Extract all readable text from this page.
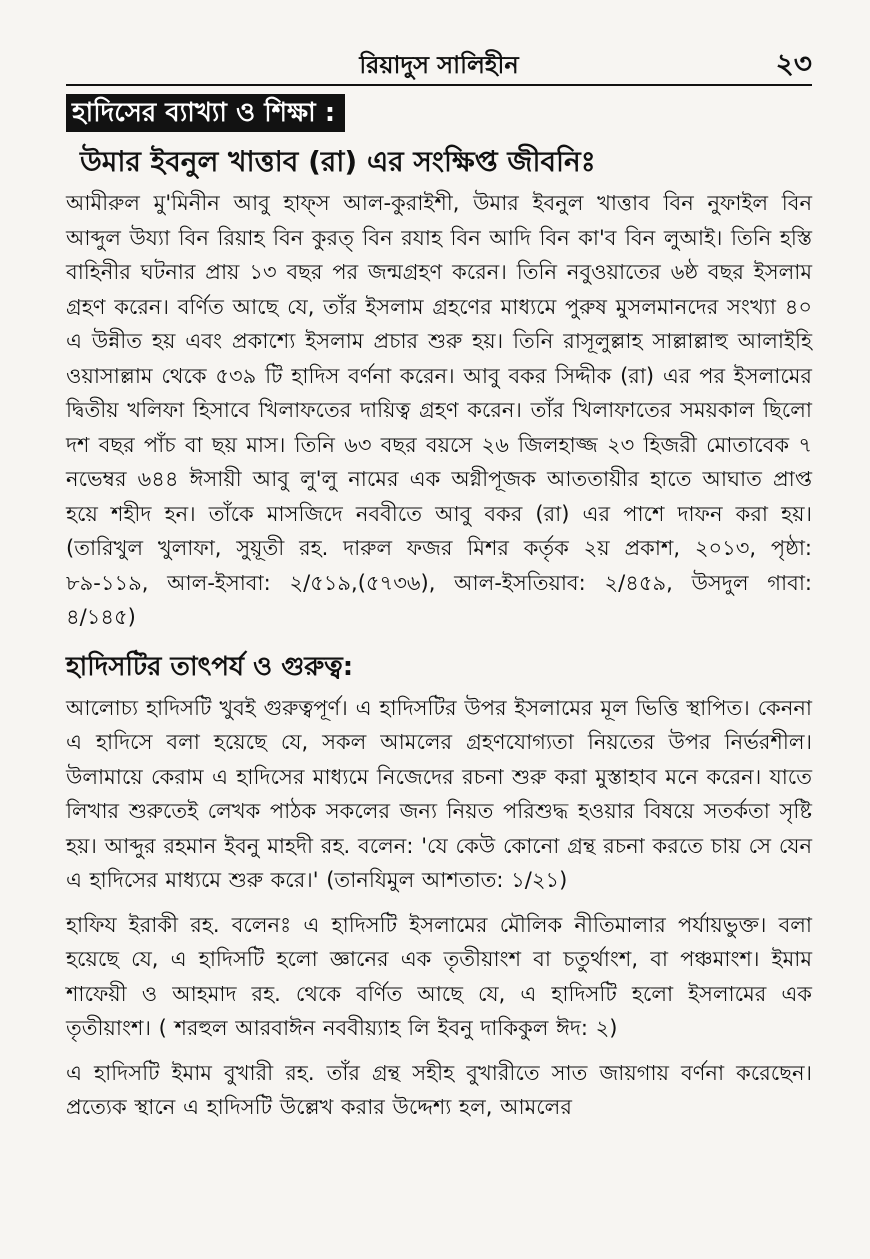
রিয়াদুস সালিহীন	২৩
হাদিসের ব্যাখ্যা ও শিক্ষা :
উমার ইবনুল খাত্তাব (রা) এর সংক্ষিপ্ত জীবনিঃ

আমীরুল মু'মিনীন আবু হাফ্স আল-কুরাইশী, উমার ইবনুল খাত্তাব বিন নুফাইল বিন আব্দুল উয্যা বিন রিয়াহ বিন কুরত্ বিন রযাহ বিন আদি বিন কা'ব বিন লুআই। তিনি হস্তি বাহিনীর ঘটনার প্রায় ১৩ বছর পর জন্মগ্রহণ করেন। তিনি নবুওয়াতের ৬ষ্ঠ বছর ইসলাম গ্রহণ করেন। বর্ণিত আছে যে, তাঁর ইসলাম গ্রহণের মাধ্যমে পুরুষ মুসলমানদের সংখ্যা ৪০ এ উন্নীত হয় এবং প্রকাশ্যে ইসলাম প্রচার শুরু হয়। তিনি রাসূলুল্লাহ সাল্লাল্লাহু আলাইহি ওয়াসাল্লাম থেকে ৫৩৯ টি হাদিস বর্ণনা করেন। আবু বকর সিদ্দীক (রা) এর পর ইসলামের দ্বিতীয় খলিফা হিসাবে খিলাফতের দায়িত্ব গ্রহণ করেন। তাঁর খিলাফাতের সময়কাল ছিলো দশ বছর পাঁচ বা ছয় মাস। তিনি ৬৩ বছর বয়সে ২৬ জিলহাজ্জ ২৩ হিজরী মোতাবেক ৭ নভেম্বর ৬৪৪ ঈসায়ী আবু লু'লু নামের এক অগ্নীপূজক আততায়ীর হাতে আঘাত প্রাপ্ত হয়ে শহীদ হন। তাঁকে মাসজিদে নববীতে আবু বকর (রা) এর পাশে দাফন করা হয়। (তারিখুল খুলাফা, সুয়ূতী রহ. দারুল ফজর মিশর কর্তৃক ২য় প্রকাশ, ২০১৩, পৃষ্ঠা: ৮৯-১১৯, আল-ইসাবা: ২/৫১৯,(৫৭৩৬), আল-ইসতিয়াব: ২/৪৫৯, উসদুল গাবা: ৪/১৪৫)

হাদিসটির তাৎপর্য ও গুরুত্ব:

আলোচ্য হাদিসটি খুবই গুরুত্বপূর্ণ। এ হাদিসটির উপর ইসলামের মূল ভিত্তি স্থাপিত। কেননা এ হাদিসে বলা হয়েছে যে, সকল আমলের গ্রহণযোগ্যতা নিয়তের উপর নির্ভরশীল। উলামায়ে কেরাম এ হাদিসের মাধ্যমে নিজেদের রচনা শুরু করা মুস্তাহাব মনে করেন। যাতে লিখার শুরুতেই লেখক পাঠক সকলের জন্য নিয়ত পরিশুদ্ধ হওয়ার বিষয়ে সতর্কতা সৃষ্টি হয়। আব্দুর রহমান ইবনু মাহদী রহ. বলেন: 'যে কেউ কোনো গ্রন্থ রচনা করতে চায় সে যেন এ হাদিসের মাধ্যমে শুরু করে।' (তানযিমুল আশতাত: ১/২১)

হাফিয ইরাকী রহ. বলেনঃ এ হাদিসটি ইসলামের মৌলিক নীতিমালার পর্যায়ভুক্ত। বলা হয়েছে যে, এ হাদিসটি হলো জ্ঞানের এক তৃতীয়াংশ বা চতুর্থাংশ, বা পঞ্চমাংশ। ইমাম শাফেয়ী ও আহমাদ রহ. থেকে বর্ণিত আছে যে, এ হাদিসটি হলো ইসলামের এক তৃতীয়াংশ। ( শরহুল আরবাঈন নববীয়্যাহ লি ইবনু দাকিকুল ঈদ: ২)

এ হাদিসটি ইমাম বুখারী রহ. তাঁর গ্রন্থ সহীহ বুখারীতে সাত জায়গায় বর্ণনা করেছেন। প্রত্যেক স্থানে এ হাদিসটি উল্লেখ করার উদ্দেশ্য হল, আমলের
